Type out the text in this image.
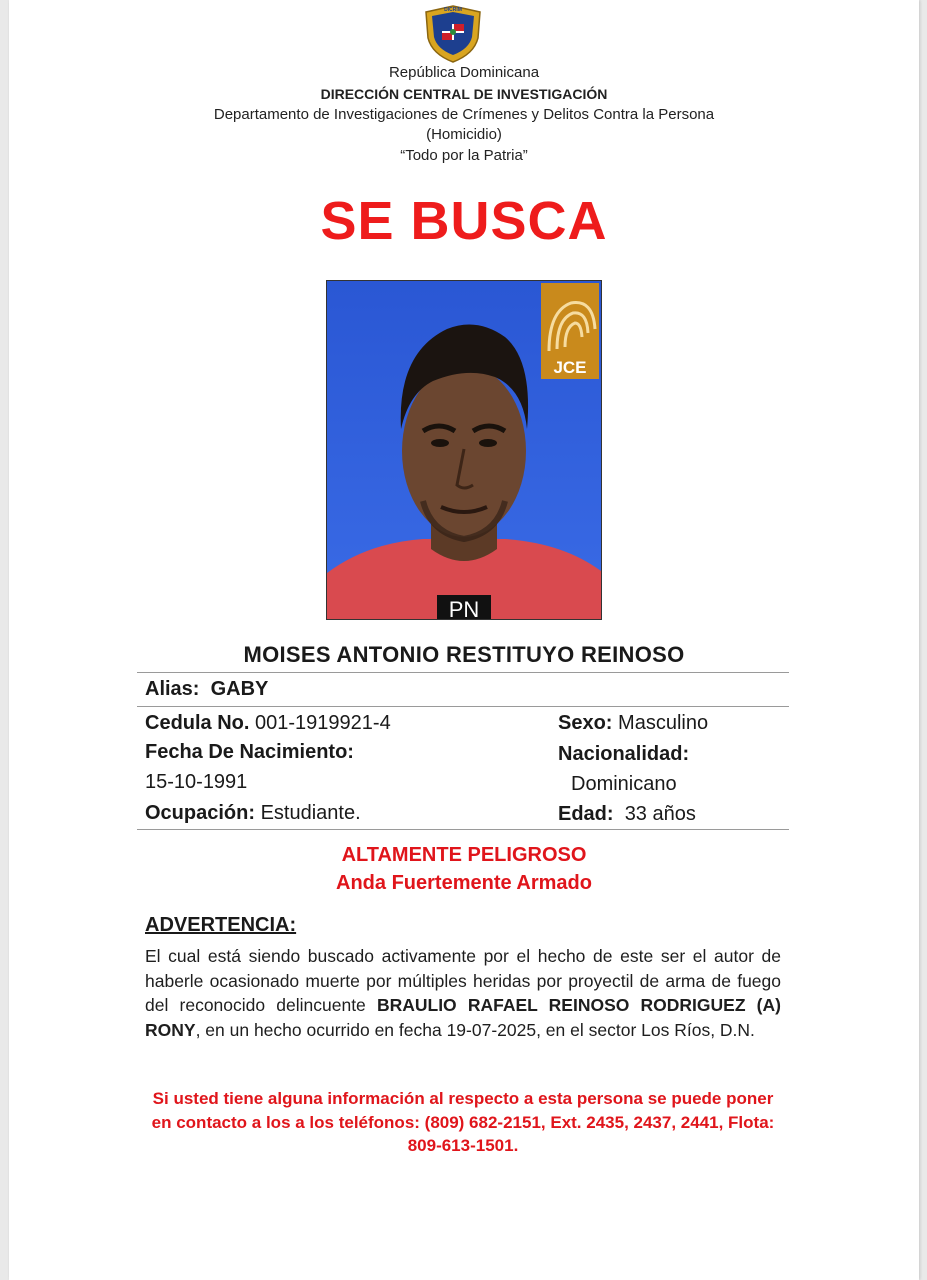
DICRIM
República Dominicana
DIRECCIÓN CENTRAL DE INVESTIGACIÓN
Departamento de Investigaciones de Crímenes y Delitos Contra la Persona
(Homicidio)
“Todo por la Patria”
SE BUSCA
JCE
PN
MOISES ANTONIO RESTITUYO REINOSO
Alias: GABY
Cedula No. 001-1919921-4
Fecha De Nacimiento:
15-10-1991
Ocupación: Estudiante.
Sexo: Masculino
Nacionalidad:
Dominicano
Edad: 33 años
ALTAMENTE PELIGROSO
Anda Fuertemente Armado
ADVERTENCIA:
El cual está siendo buscado activamente por el hecho de este ser el autor de haberle ocasionado muerte por múltiples heridas por proyectil de arma de fuego del reconocido delincuente BRAULIO RAFAEL REINOSO RODRIGUEZ (A) RONY, en un hecho ocurrido en fecha 19-07-2025, en el sector Los Ríos, D.N.
Si usted tiene alguna información al respecto a esta persona se puede poner en contacto a los a los teléfonos: (809) 682-2151, Ext. 2435, 2437, 2441, Flota: 809-613-1501.
